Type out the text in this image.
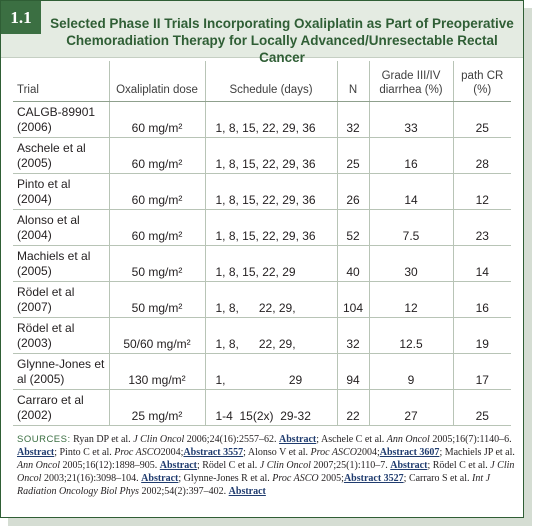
1.1	Selected Phase II Trials Incorporating Oxaliplatin as Part of Preoperative Chemoradiation Therapy for Locally Advanced/Unresectable Rectal Cancer
Trial	Oxaliplatin dose	Schedule (days)	N	Grade III/IV diarrhea (%)	path CR (%)
CALGB-89901 (2006)	60 mg/m²	1, 8, 15, 22, 29, 36	32	33	25
Aschele et al (2005)	60 mg/m²	1, 8, 15, 22, 29, 36	25	16	28
Pinto et al (2004)	60 mg/m²	1, 8, 15, 22, 29, 36	26	14	12
Alonso et al (2004)	60 mg/m²	1, 8, 15, 22, 29, 36	52	7.5	23
Machiels et al (2005)	50 mg/m²	1, 8, 15, 22, 29	40	30	14
Rödel et al (2007)	50 mg/m²	1, 8,      22, 29,	104	12	16
Rödel et al (2003)	50/60 mg/m²	1, 8,      22, 29,	32	12.5	19
Glynne-Jones et al (2005)	130 mg/m²	1,                   29	94	9	17
Carraro et al (2002)	25 mg/m²	1-4  15(2x)  29-32	22	27	25
SOURCES: Ryan DP et al. J Clin Oncol 2006;24(16):2557–62. Abstract; Aschele C et al. Ann Oncol 2005;16(7):1140–6. Abstract; Pinto C et al. Proc ASCO2004;Abstract 3557; Alonso V et al. Proc ASCO2004;Abstract 3607; Machiels JP et al. Ann Oncol 2005;16(12):1898–905. Abstract; Rödel C et al. J Clin Oncol 2007;25(1):110–7. Abstract; Rödel C et al. J Clin Oncol 2003;21(16):3098–104. Abstract; Glynne-Jones R et al. Proc ASCO 2005;Abstract 3527; Carraro S et al. Int J Radiation Oncology Biol Phys 2002;54(2):397–402. Abstract
